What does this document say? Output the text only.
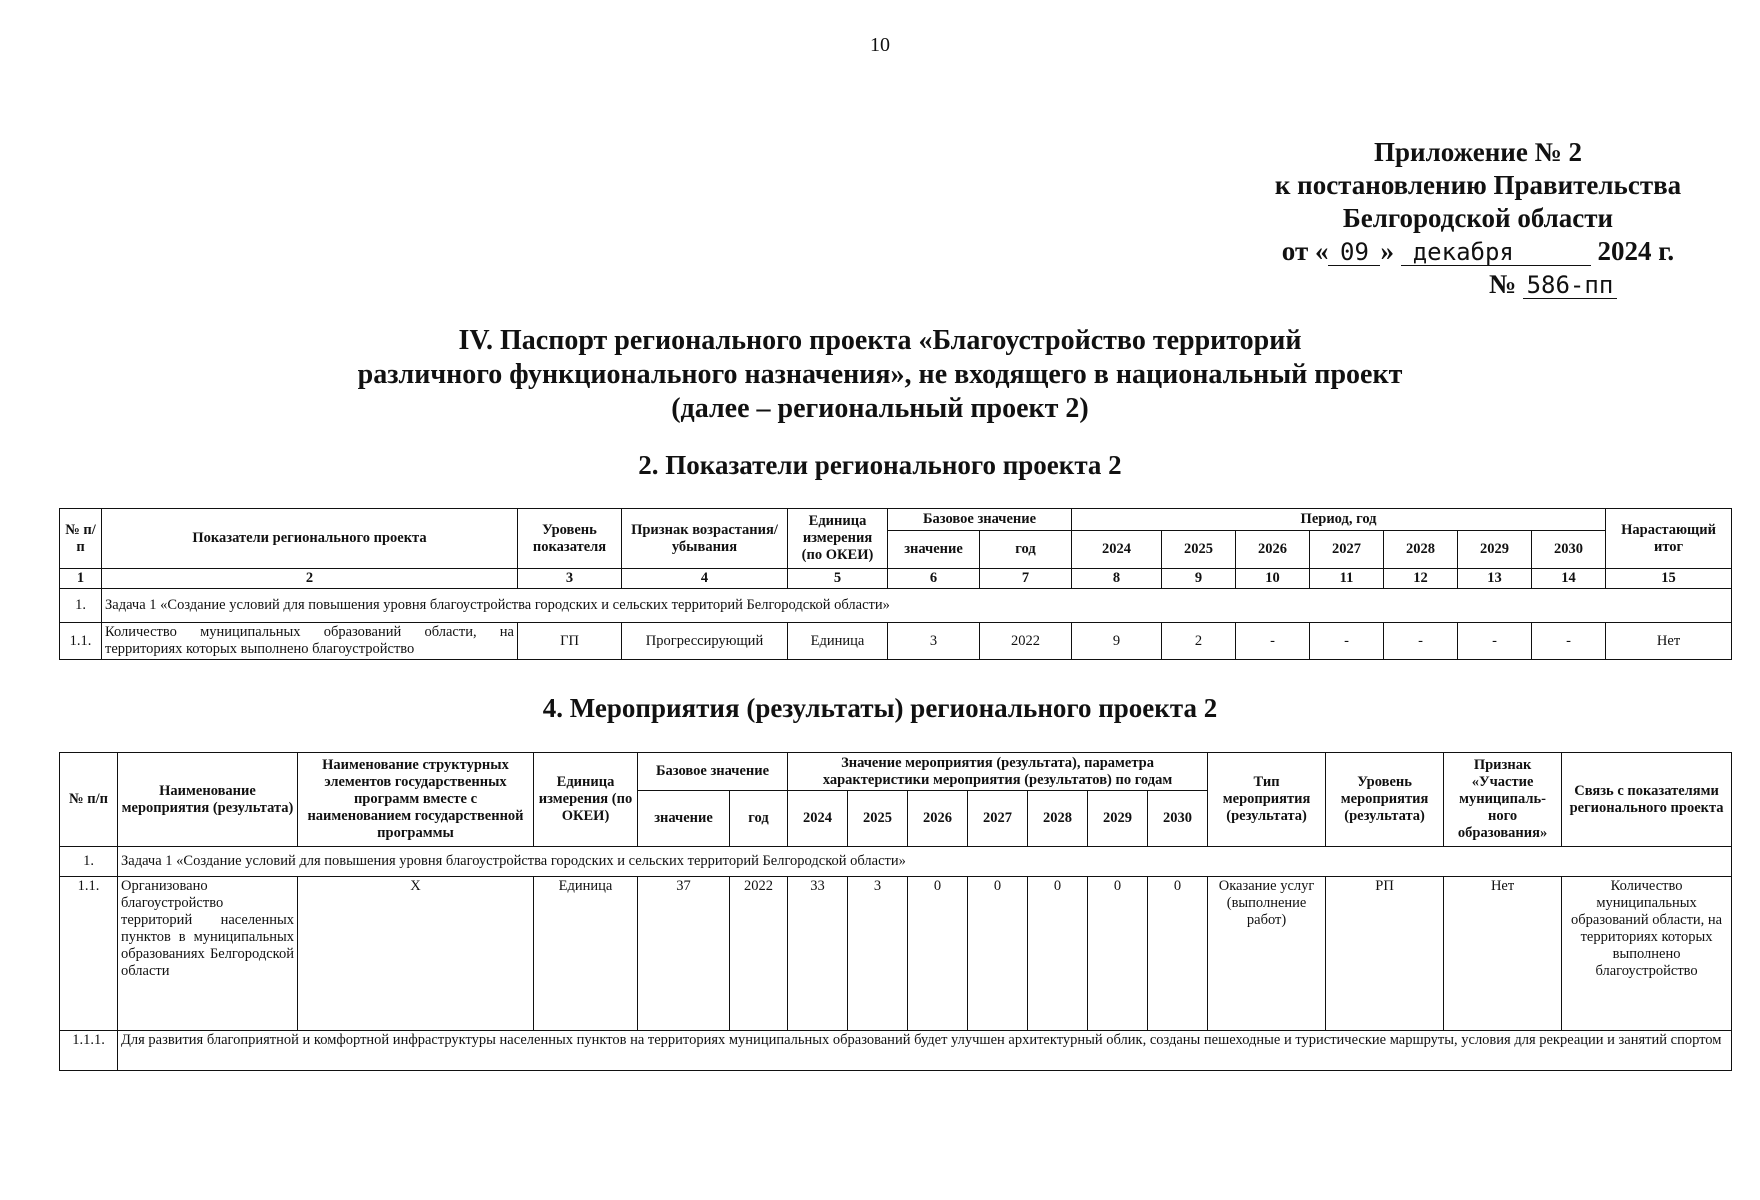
10
Приложение № 2
к постановлению Правительства
Белгородской области
от « 09 » декабря	2024 г.
№ 586-пп
IV. Паспорт регионального проекта «Благоустройство территорий
различного функционального назначения», не входящего в национальный проект
(далее – региональный проект 2)
2. Показатели регионального проекта 2
№ п/п	Показатели регионального проекта	Уровень показателя	Признак возрастания/ убывания	Единица измерения (по ОКЕИ)	Базовое значение		Период, год							Нарастающий итог
					значение	год	2024	2025	2026	2027	2028	2029	2030	
1	2	3	4	5	6	7	8	9	10	11	12	13	14	15
1.	Задача 1 «Создание условий для повышения уровня благоустройства городских и сельских территорий Белгородской области»													
1.1.	Количество муниципальных образований области, на территориях которых выполнено благоустройство	ГП	Прогрессирующий	Единица	3	2022	9	2	-	-	-	-	-	Нет
4. Мероприятия (результаты) регионального проекта 2
№ п/п	Наименование мероприятия (результата)	Наименование структурных элементов государственных программ вместе с наименованием государственной программы	Единица измерения (по ОКЕИ)	Базовое значение		Значение мероприятия (результата), параметра характеристики мероприятия (результатов) по годам							Тип мероприятия (результата)	Уровень мероприятия (результата)	Признак «Участие муниципаль-ного образования»	Связь с показателями регионального проекта
				значение	год	2024	2025	2026	2027	2028	2029	2030				
1.	Задача 1 «Создание условий для повышения уровня благоустройства городских и сельских территорий Белгородской области»															
1.1.	Организовано благоустройство территорий населенных пунктов в муниципальных образованиях Белгородской области	Х	Единица	37	2022	33	3	0	0	0	0	0	Оказание услуг (выполнение работ)	РП	Нет	Количество муниципальных образований области, на территориях которых выполнено благоустройство
1.1.1.	Для развития благоприятной и комфортной инфраструктуры населенных пунктов на территориях муниципальных образований будет улучшен архитектурный облик, созданы пешеходные и туристические маршруты, условия для рекреации и занятий спортом															
